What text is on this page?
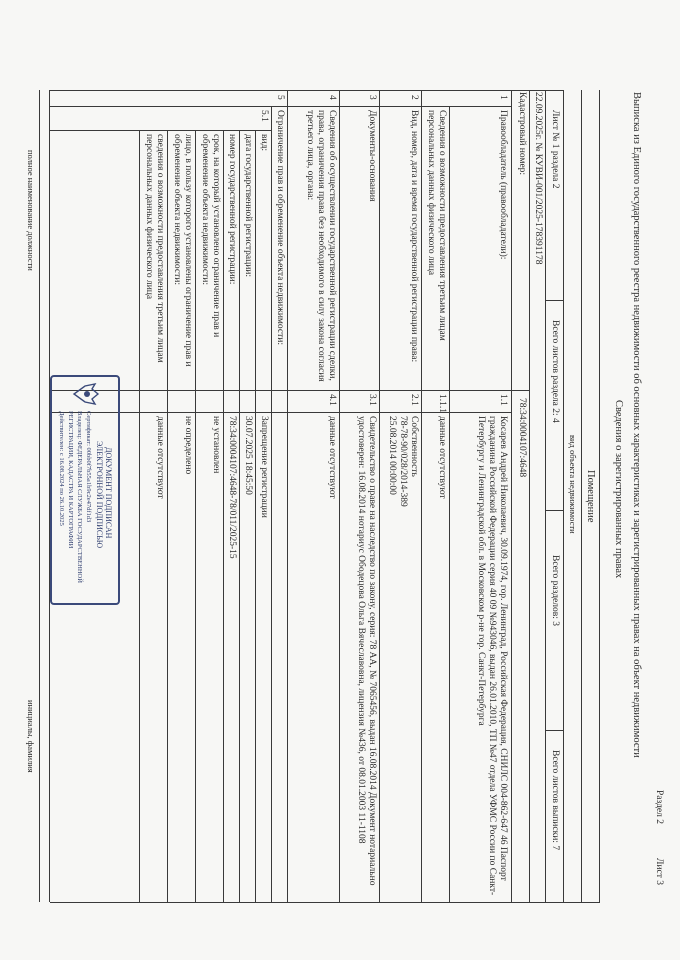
Раздел 2
Лист 3
Выписка из Единого государственного реестра недвижимости об основных характеристиках и зарегистрированных правах на объект недвижимости
Сведения о зарегистрированных правах
Помещение
вид объекта недвижимости
Лист № 1 раздела 2
Всего листов раздела 2: 4
Всего разделов: 3
Всего листов выписки: 7
22.09.2025г. № КУВИ-001/2025-178391178
Кадастровый номер:
78:34:0004107:4648
1
Правообладатель (правообладатели):
1.1
Косарев Андрей Николаевич, 30.09.1974, гор. Ленинград, Российская Федерация, СНИЛС 004-862-647 46 Паспорт гражданина Российской Федерации серия 40 09 №943046, выдан 26.01.2010, ТП №47 отдела УФМС России по Санкт-Петербургу и Ленинградской обл. в Московском р-не гор. Санкт-Петербурга
Сведения о возможности предоставления третьим лицам персональных данных физического лица
1.1.1
данные отсутствуют
2
Вид, номер, дата и время государственной регистрации права:
2.1
Собственность
78-78-90/028/2014-389
25.08.2014 00:00:00
3
Документы-основания
3.1
Свидетельство о праве на наследство по закону, серия: 78 АА, № 7065456, выдан 16.08.2014 Документ нотариально удостоверен: 16.08.2014 нотариус Ободецова Ольга Вячеславовна, лицензия №436, от 08.01.2003 11-1108
4
Сведения об осуществлении государственной регистрации сделки, права, ограничения права без необходимого в силу закона согласия третьего лица, органа:
4.1
данные отсутствуют
5
Ограничение прав и обременение объекта недвижимости:
5.1
вид:
Запрещение регистрации
дата государственной регистрации:
30.07.2025 18:45:50
номер государственной регистрации:
78:34:0004107:4648-78/011/2025-15
срок, на который установлено ограничение прав и обременение объекта недвижимости:
не установлен
лицо, в пользу которого установлены ограничение прав и обременение объекта недвижимости:
не определено
сведения о возможности предоставления третьим лицам персональных данных физического лица
данные отсутствуют
полное наименование должности
инициалы, фамилия
ДОКУМЕНТ ПОДПИСАН
ЭЛЕКТРОННОЙ ПОДПИСЬЮ
Сертификат: 00bb0f7b55a1b9c2e47df1d3
Владелец: ФЕДЕРАЛЬНАЯ СЛУЖБА ГОСУДАРСТВЕННОЙ
РЕГИСТРАЦИИ, КАДАСТРА И КАРТОГРАФИИ
Действителен: с 16.08.2024 по 26.10.2025
